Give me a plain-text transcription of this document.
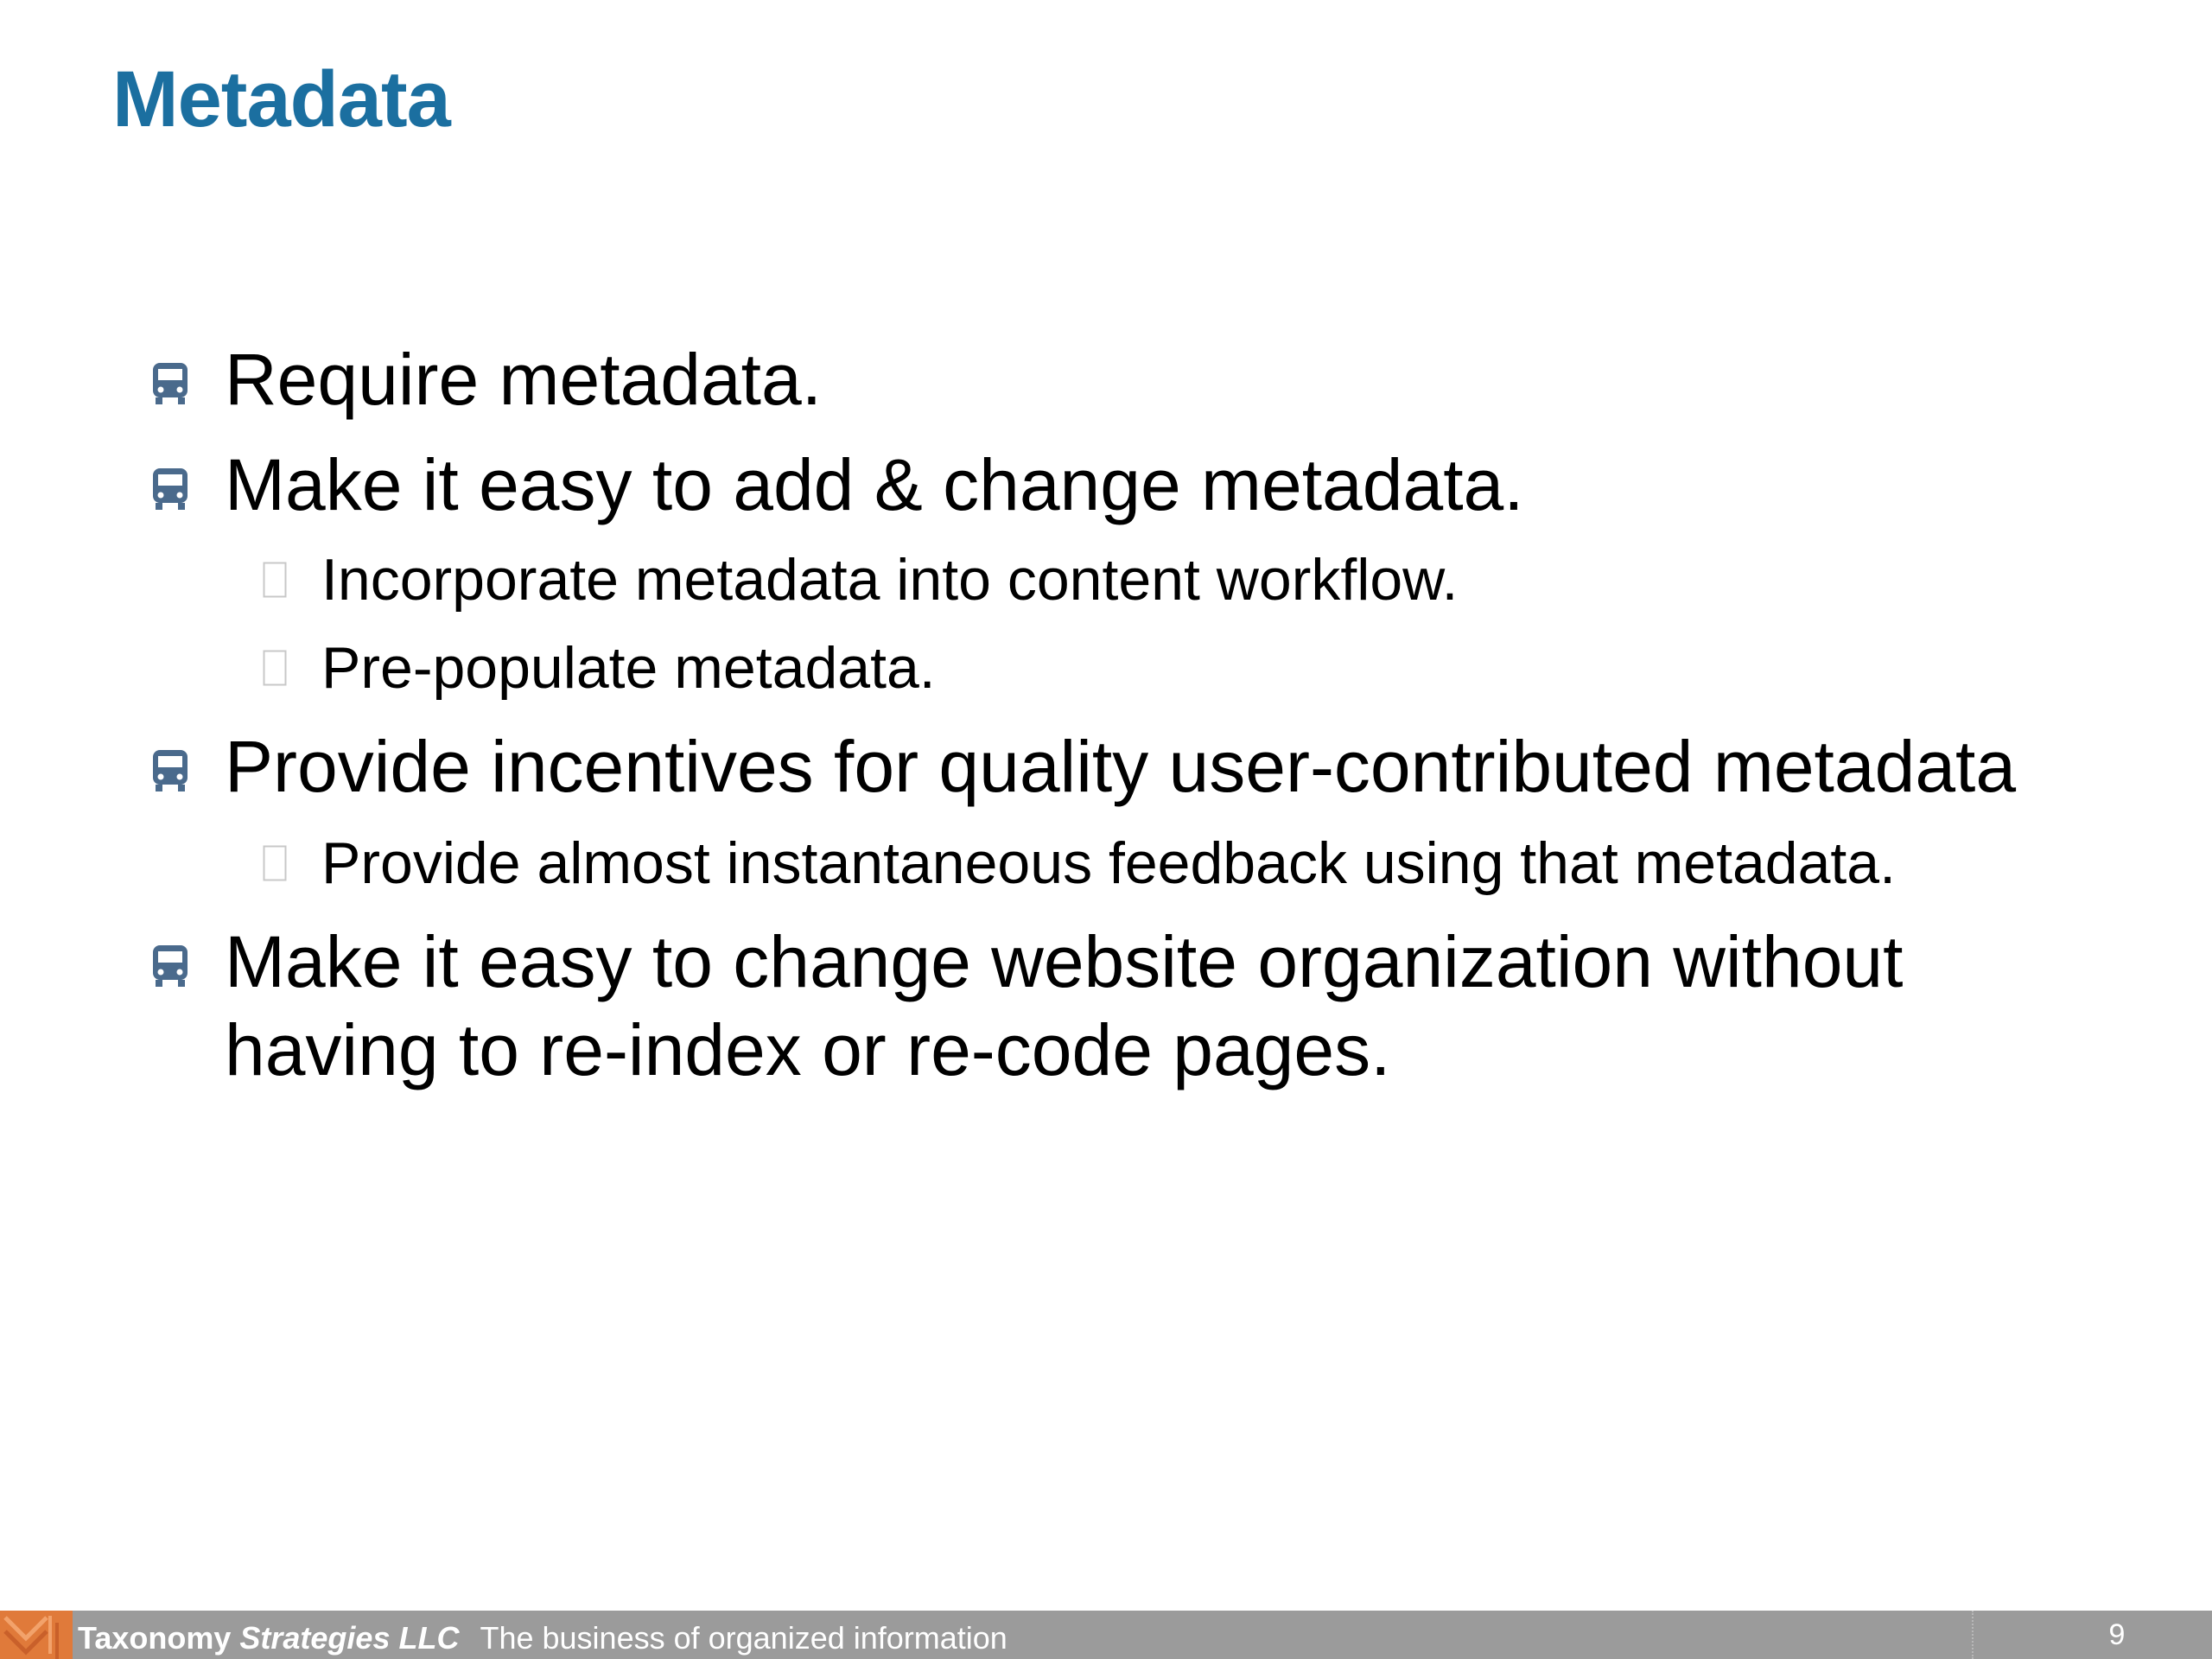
Metadata

Require metadata.

Make it easy to add & change metadata.

Incorporate metadata into content workflow.

Pre-populate metadata.

Provide incentives for quality user-contributed metadata

Provide almost instantaneous feedback using that metadata.

Make it easy to change website organization without having to re-index or re-code pages.

Taxonomy Strategies LLC The business of organized information	9
